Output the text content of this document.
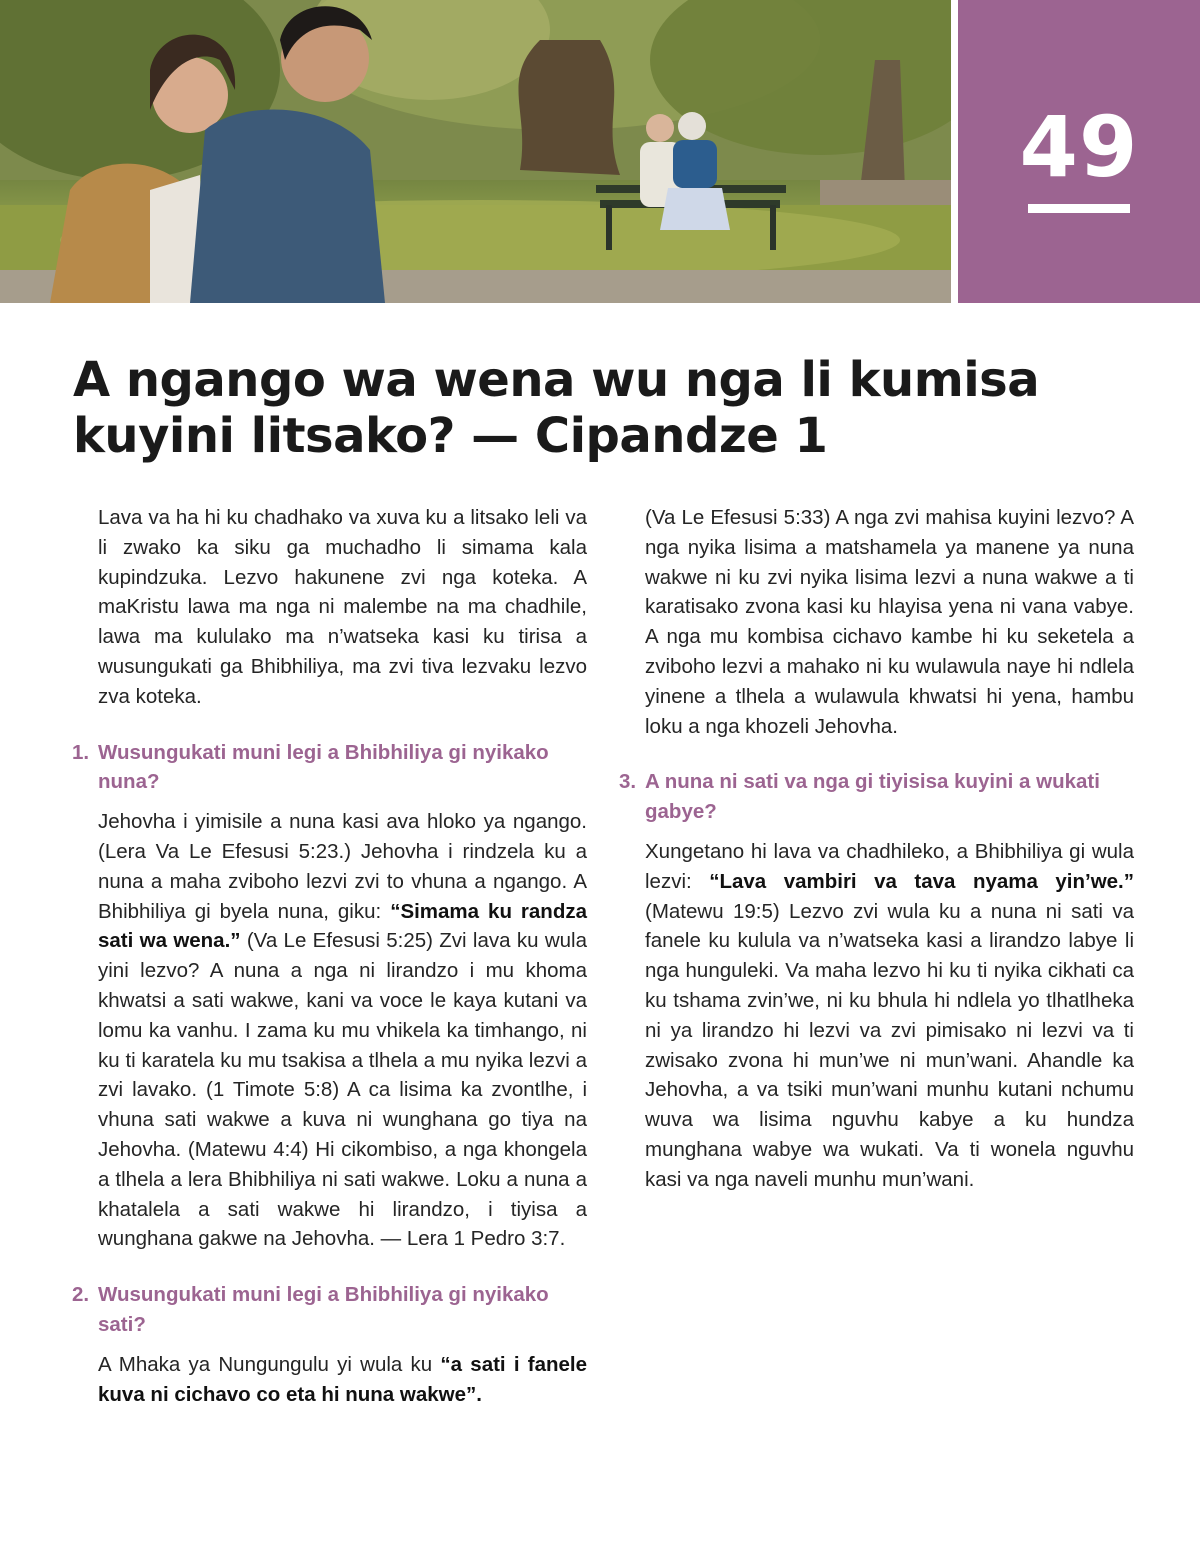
49
A ngango wa wena wu nga li kumisa kuyini litsako? — Cipandze 1

Lava va ha hi ku chadhako va xuva ku a litsako leli va li zwako ka siku ga muchadho li simama kala kupindzuka. Lezvo hakunene zvi nga koteka. A maKristu lawa ma nga ni malembe na ma chadhile, lawa ma kululako ma n’watseka kasi ku tirisa a wusungukati ga Bhibhiliya, ma zvi tiva lezvaku lezvo zva koteka.

1. Wusungukati muni legi a Bhibhiliya gi nyikako nuna?

Jehovha i yimisile a nuna kasi ava hloko ya ngango. (Lera Va Le Efesusi 5:23.) Jehovha i rindzela ku a nuna a maha zviboho lezvi zvi to vhuna a ngango. A Bhibhiliya gi byela nuna, giku: “Simama ku randza sati wa wena.” (Va Le Efesusi 5:25) Zvi lava ku wula yini lezvo? A nuna a nga ni lirandzo i mu khoma khwatsi a sati wakwe, kani va voce le kaya kutani va lomu ka vanhu. I zama ku mu vhikela ka timhango, ni ku ti karatela ku mu tsakisa a tlhela a mu nyika lezvi a zvi lavako. (1 Timote 5:8) A ca lisima ka zvontlhe, i vhuna sati wakwe a kuva ni wunghana go tiya na Jehovha. (Matewu 4:4) Hi cikombiso, a nga khongela a tlhela a lera Bhibhiliya ni sati wakwe. Loku a nuna a khatalela a sati wakwe hi lirandzo, i tiyisa a wunghana gakwe na Jehovha. — Lera 1 Pedro 3:7.

2. Wusungukati muni legi a Bhibhiliya gi nyikako sati?

A Mhaka ya Nungungulu yi wula ku “a sati i fanele kuva ni cichavo co eta hi nuna wakwe”.

(Va Le Efesusi 5:33) A nga zvi mahisa kuyini lezvo? A nga nyika lisima a matshamela ya manene ya nuna wakwe ni ku zvi nyika lisima lezvi a nuna wakwe a ti karatisako zvona kasi ku hlayisa yena ni vana vabye. A nga mu kombisa cichavo kambe hi ku seketela a zviboho lezvi a mahako ni ku wulawula naye hi ndlela yinene a tlhela a wulawula khwatsi hi yena, hambu loku a nga khozeli Jehovha.

3. A nuna ni sati va nga gi tiyisisa kuyini a wukati gabye?

Xungetano hi lava va chadhileko, a Bhibhiliya gi wula lezvi: “Lava vambiri va tava nyama yin’we.” (Matewu 19:5) Lezvo zvi wula ku a nuna ni sati va fanele ku kulula va n’watseka kasi a lirandzo labye li nga hunguleki. Va maha lezvo hi ku ti nyika cikhati ca ku tshama zvin’we, ni ku bhula hi ndlela yo tlhatlheka ni ya lirandzo hi lezvi va zvi pimisako ni lezvi va ti zwisako zvona hi mun’we ni mun’wani. Ahandle ka Jehovha, a va tsiki mun’wani munhu kutani nchumu wuva wa lisima nguvhu kabye a ku hundza munghana wabye wa wukati. Va ti wonela nguvhu kasi va nga naveli munhu mun’wani.
